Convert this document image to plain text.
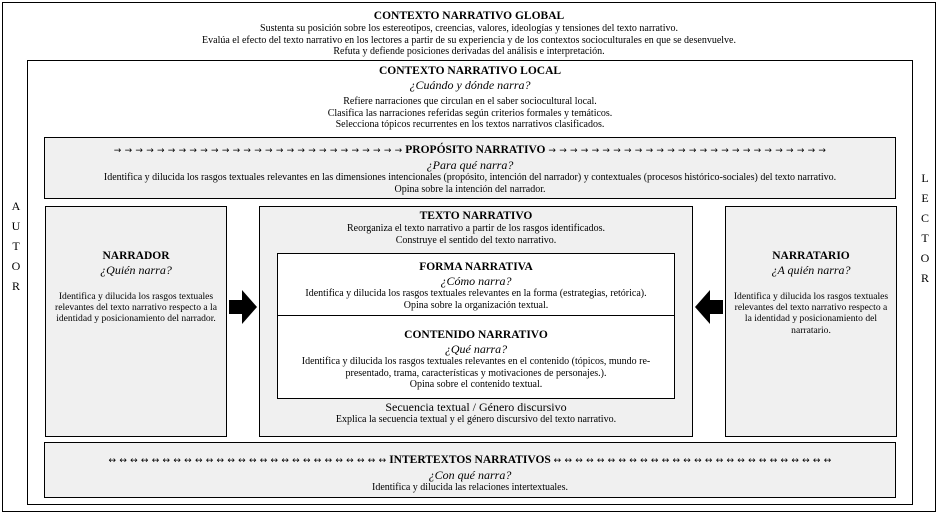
CONTEXTO NARRATIVO GLOBAL
Sustenta su posición sobre los estereotipos, creencias, valores, ideologías y tensiones del texto narrativo.
Evalúa el efecto del texto narrativo en los lectores a partir de su experiencia y de los contextos socioculturales en que se desenvuelve.
Refuta y defiende posiciones derivadas del análisis e interpretación.
A
U
T
O
R
L
E
C
T
O
R
CONTEXTO NARRATIVO LOCAL
¿Cuándo y dónde narra?
Refiere narraciones que circulan en el saber sociocultural local.
Clasifica las narraciones referidas según criterios formales y temáticos.
Selecciona tópicos recurrentes en los textos narrativos clasificados.
→ → → → → → → → → → → → → → → → → → → → → → → → → → → PROPÓSITO NARRATIVO → → → → → → → → → → → → → → → → → → → → → → → → → →
¿Para qué narra?
Identifica y dilucida los rasgos textuales relevantes en las dimensiones intencionales (propósito, intención del narrador) y contextuales (procesos histórico-sociales) del texto narrativo.
Opina sobre la intención del narrador.
NARRADOR
¿Quién narra?
Identifica y dilucida los rasgos textuales relevantes del texto narrativo respecto a la identidad y posicionamiento del narrador.
NARRATARIO
¿A quién narra?
Identifica y dilucida los rasgos textuales relevantes del texto narrativo respecto a la identidad y posicionamiento del narratario.
TEXTO NARRATIVO
Reorganiza el texto narrativo a partir de los rasgos identificados.
Construye el sentido del texto narrativo.
Secuencia textual / Género discursivo
Explica la secuencia textual y el género discursivo del texto narrativo.
FORMA NARRATIVA
¿Cómo narra?
Identifica y dilucida los rasgos textuales relevantes en la forma (estrategias, retórica).
Opina sobre la organización textual.
CONTENIDO NARRATIVO
¿Qué narra?
Identifica y dilucida los rasgos textuales relevantes en el contenido (tópicos, mundo re-
presentado, trama, características y motivaciones de personajes.).
Opina sobre el contenido textual.
↔ ↔ ↔ ↔ ↔ ↔ ↔ ↔ ↔ ↔ ↔ ↔ ↔ ↔ ↔ ↔ ↔ ↔ ↔ ↔ ↔ ↔ ↔ ↔ ↔ ↔ INTERTEXTOS NARRATIVOS ↔ ↔ ↔ ↔ ↔ ↔ ↔ ↔ ↔ ↔ ↔ ↔ ↔ ↔ ↔ ↔ ↔ ↔ ↔ ↔ ↔ ↔ ↔ ↔ ↔ ↔
¿Con qué narra?
Identifica y dilucida las relaciones intertextuales.
